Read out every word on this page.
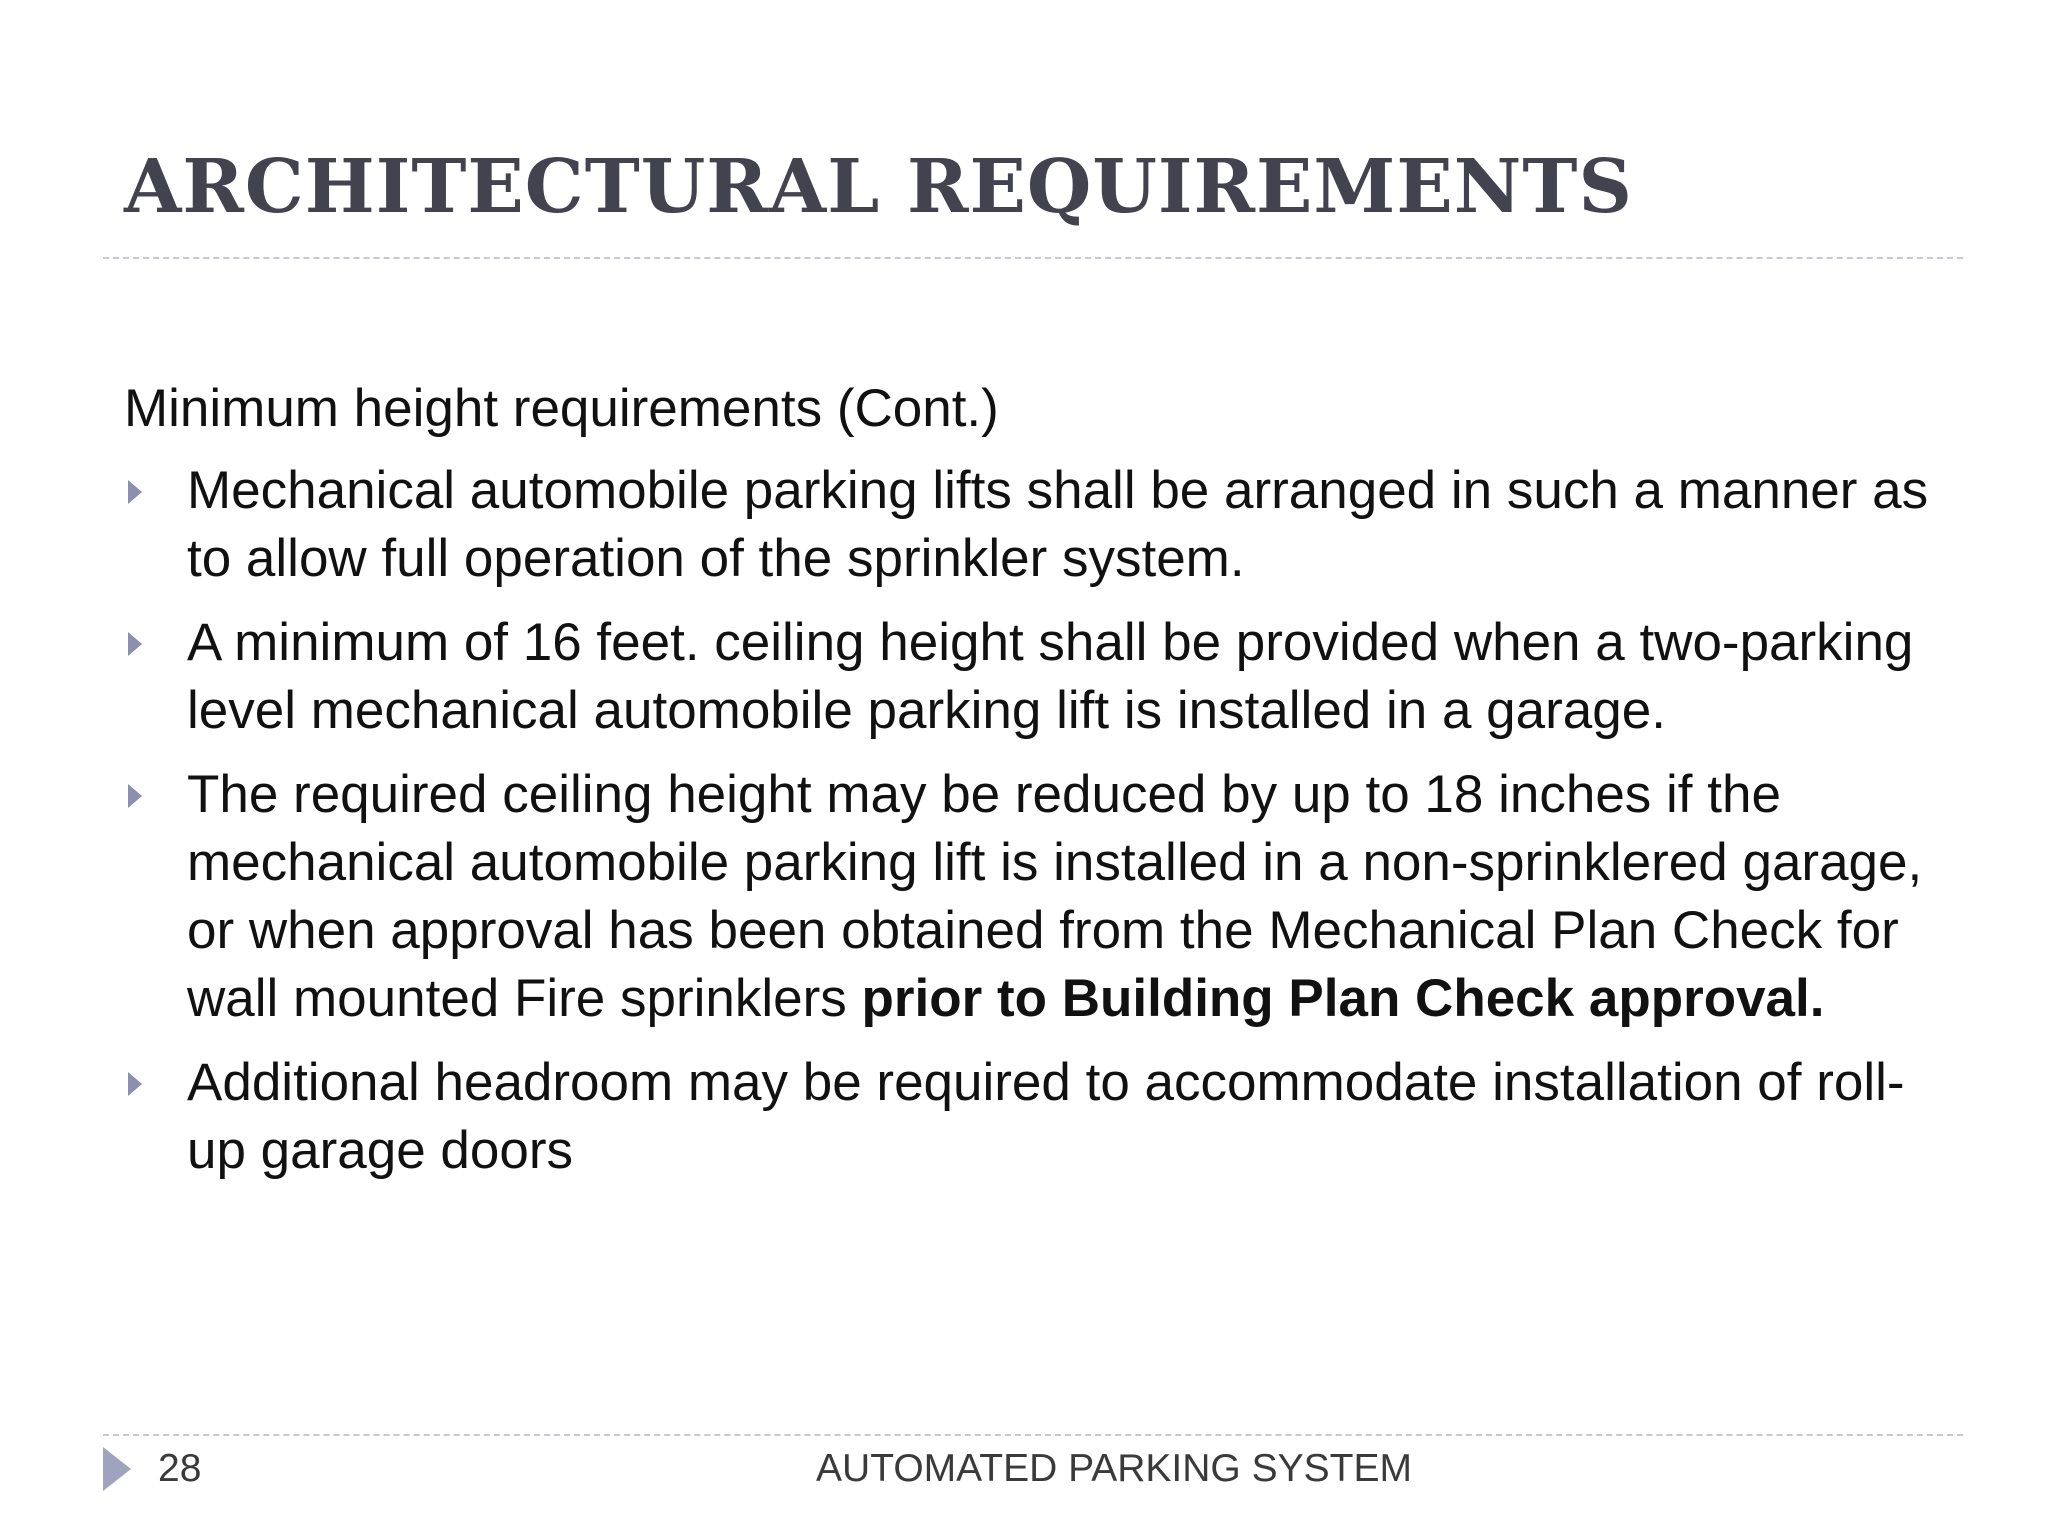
ARCHITECTURAL REQUIREMENTS

Minimum height requirements (Cont.)

Mechanical automobile parking lifts shall be arranged in such a manner as to allow full operation of the sprinkler system.
A minimum of 16 feet. ceiling height shall be provided when a two-parking level mechanical automobile parking lift is installed in a garage.
The required ceiling height may be reduced by up to 18 inches if the mechanical automobile parking lift is installed in a non-sprinklered garage, or when approval has been obtained from the Mechanical Plan Check for wall mounted Fire sprinklers prior to Building Plan Check approval.
Additional headroom may be required to accommodate installation of roll-up garage doors
28	AUTOMATED PARKING SYSTEM
